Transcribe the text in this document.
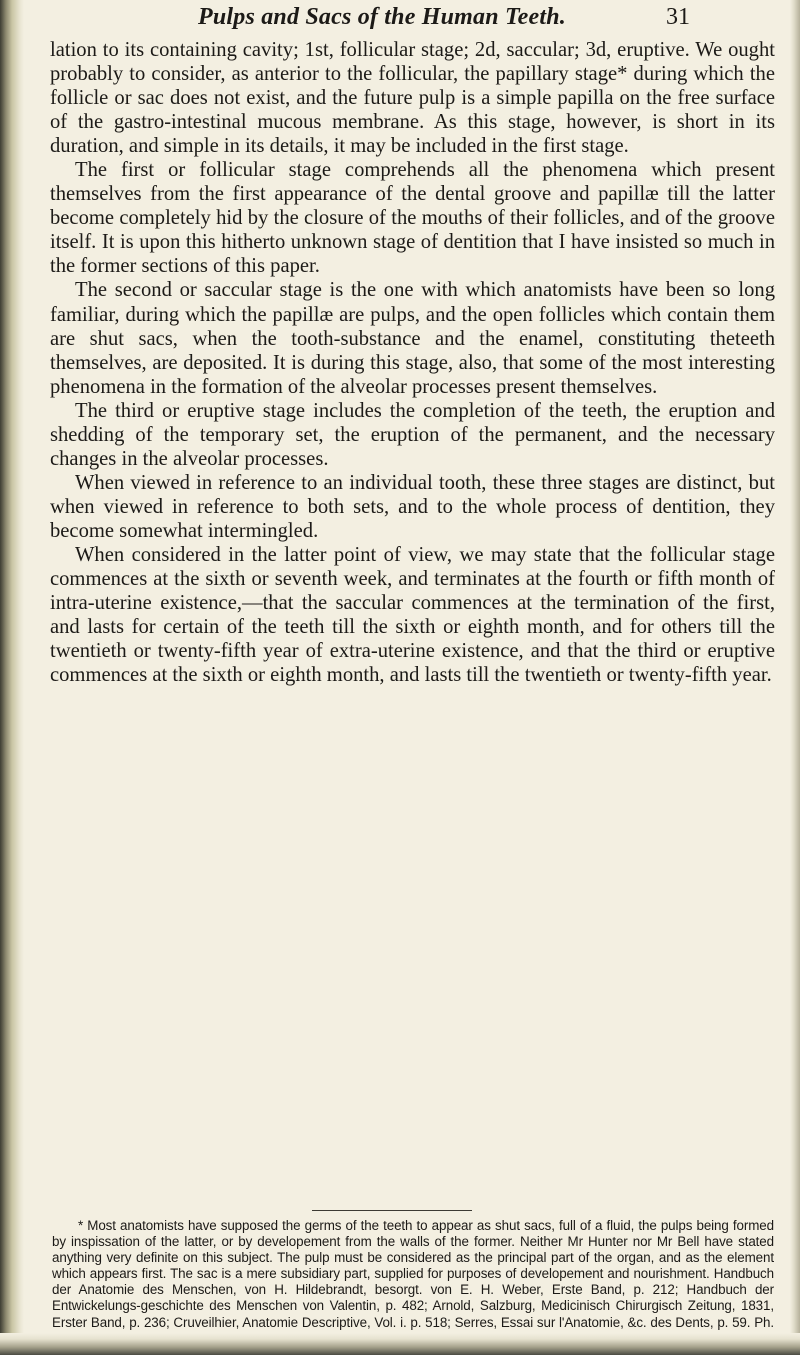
Pulps and Sacs of the Human Teeth.	31

lation to its containing cavity; 1st, follicular stage; 2d, saccular; 3d, eruptive. We ought probably to consider, as anterior to the follicular, the papillary stage* during which the follicle or sac does not exist, and the future pulp is a simple papilla on the free surface of the gastro-intestinal mucous membrane. As this stage, however, is short in its duration, and simple in its details, it may be included in the first stage.

The first or follicular stage comprehends all the phenomena which present themselves from the first appearance of the dental groove and papillæ till the latter become completely hid by the closure of the mouths of their follicles, and of the groove itself. It is upon this hitherto unknown stage of dentition that I have insisted so much in the former sections of this paper.

The second or saccular stage is the one with which anatomists have been so long familiar, during which the papillæ are pulps, and the open follicles which contain them are shut sacs, when the tooth-substance and the enamel, constituting theteeth themselves, are deposited. It is during this stage, also, that some of the most interesting phenomena in the formation of the alveolar processes present themselves.

The third or eruptive stage includes the completion of the teeth, the eruption and shedding of the temporary set, the eruption of the permanent, and the necessary changes in the alveolar processes.

When viewed in reference to an individual tooth, these three stages are distinct, but when viewed in reference to both sets, and to the whole process of dentition, they become somewhat intermingled.

When considered in the latter point of view, we may state that the follicular stage commences at the sixth or seventh week, and terminates at the fourth or fifth month of intra-uterine existence,—that the saccular commences at the termination of the first, and lasts for certain of the teeth till the sixth or eighth month, and for others till the twentieth or twenty-fifth year of extra-uterine existence, and that the third or eruptive commences at the sixth or eighth month, and lasts till the twentieth or twenty-fifth year.

* Most anatomists have supposed the germs of the teeth to appear as shut sacs, full of a fluid, the pulps being formed by inspissation of the latter, or by developement from the walls of the former. Neither Mr Hunter nor Mr Bell have stated anything very definite on this subject. The pulp must be considered as the principal part of the organ, and as the element which appears first. The sac is a mere subsidiary part, supplied for purposes of developement and nourishment. Handbuch der Anatomie des Menschen, von H. Hildebrandt, besorgt. von E. H. Weber, Erste Band, p. 212; Handbuch der Entwickelungs-geschichte des Menschen von Valentin, p. 482; Arnold, Salzburg, Medicinisch Chirurgisch Zeitung, 1831, Erster Band, p. 236; Cruveilhier, Anatomie Descriptive, Vol. i. p. 518; Serres, Essai sur l'Anatomie, &c. des Dents, p. 59. Ph.
